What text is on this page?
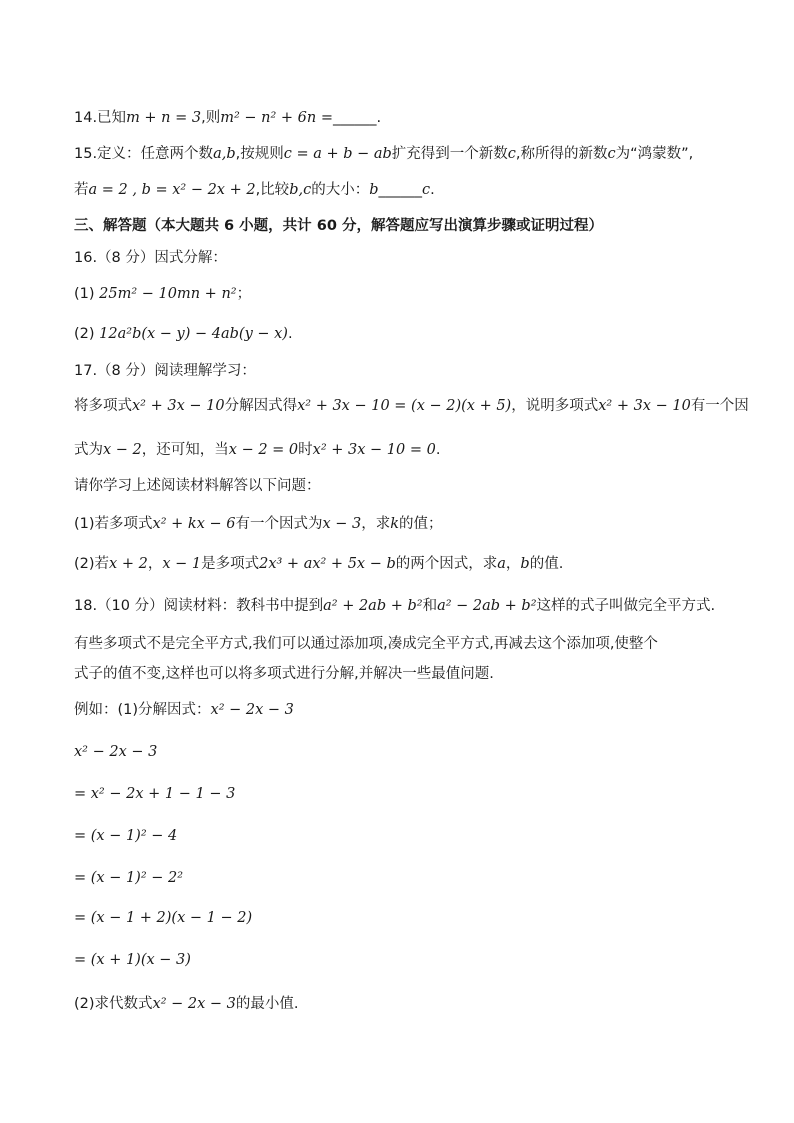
14.已知m + n = 3,则m² − n² + 6n =______.
15.定义：任意两个数a,b,按规则c = a + b − ab扩充得到一个新数c,称所得的新数c为“鸿蒙数”,
若a = 2 , b = x² − 2x + 2,比较b,c的大小：b______c.
三、解答题（本大题共 6 小题，共计 60 分，解答题应写出演算步骤或证明过程）
16.（8 分）因式分解：
(1) 25m² − 10mn + n²；
(2) 12a²b(x − y) − 4ab(y − x).
17.（8 分）阅读理解学习：
将多项式x² + 3x − 10分解因式得x² + 3x − 10 = (x − 2)(x + 5)，说明多项式x² + 3x − 10有一个因
式为x − 2，还可知，当x − 2 = 0时x² + 3x − 10 = 0.
请你学习上述阅读材料解答以下问题：
(1)若多项式x² + kx − 6有一个因式为x − 3，求k的值；
(2)若x + 2，x − 1是多项式2x³ + ax² + 5x − b的两个因式，求a，b的值.
18.（10 分）阅读材料：教科书中提到a² + 2ab + b²和a² − 2ab + b²这样的式子叫做完全平方式.
有些多项式不是完全平方式,我们可以通过添加项,凑成完全平方式,再减去这个添加项,使整个
式子的值不变,这样也可以将多项式进行分解,并解决一些最值问题.
例如：(1)分解因式：x² − 2x − 3
x² − 2x − 3
= x² − 2x + 1 − 1 − 3
= (x − 1)² − 4
= (x − 1)² − 2²
= (x − 1 + 2)(x − 1 − 2)
= (x + 1)(x − 3)
(2)求代数式x² − 2x − 3的最小值.
